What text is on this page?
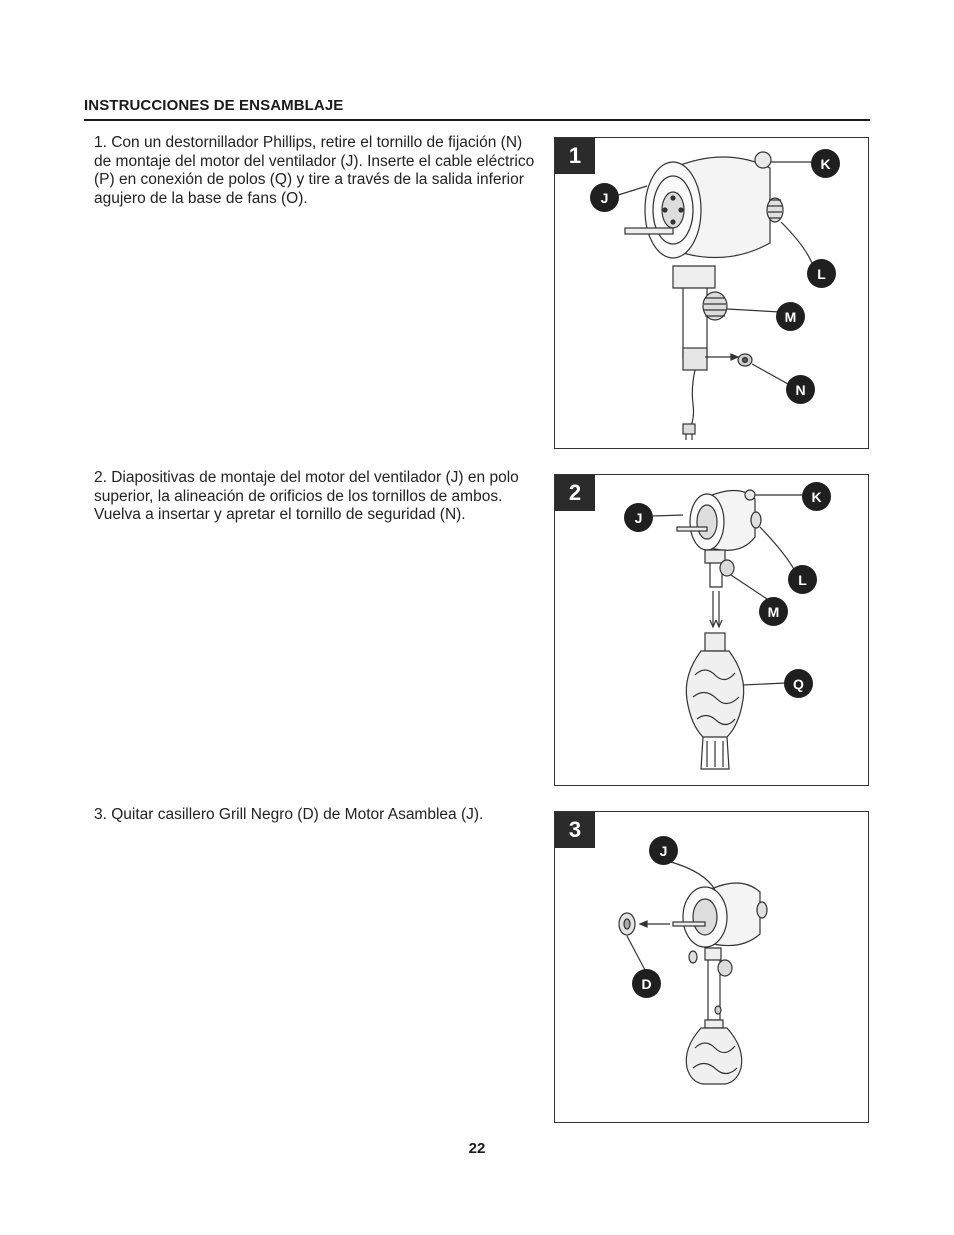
INSTRUCCIONES DE ENSAMBLAJE
1. Con un destornillador Phillips, retire el tornillo de fijación (N) de montaje del motor del ventilador (J). Inserte el cable eléctrico (P) en conexión de polos (Q) y tire a través de la salida inferior agujero de la base de fans (O).
1	K
J
L
M
N
2. Diapositivas de montaje del motor del ventilador (J) en polo superior, la alineación de orificios de los tornillos de ambos. Vuelva a insertar y apretar el tornillo de seguridad (N).
2	K
J
L
M
Q
3. Quitar casillero Grill Negro (D) de Motor Asamblea (J).
3
J
D
22
